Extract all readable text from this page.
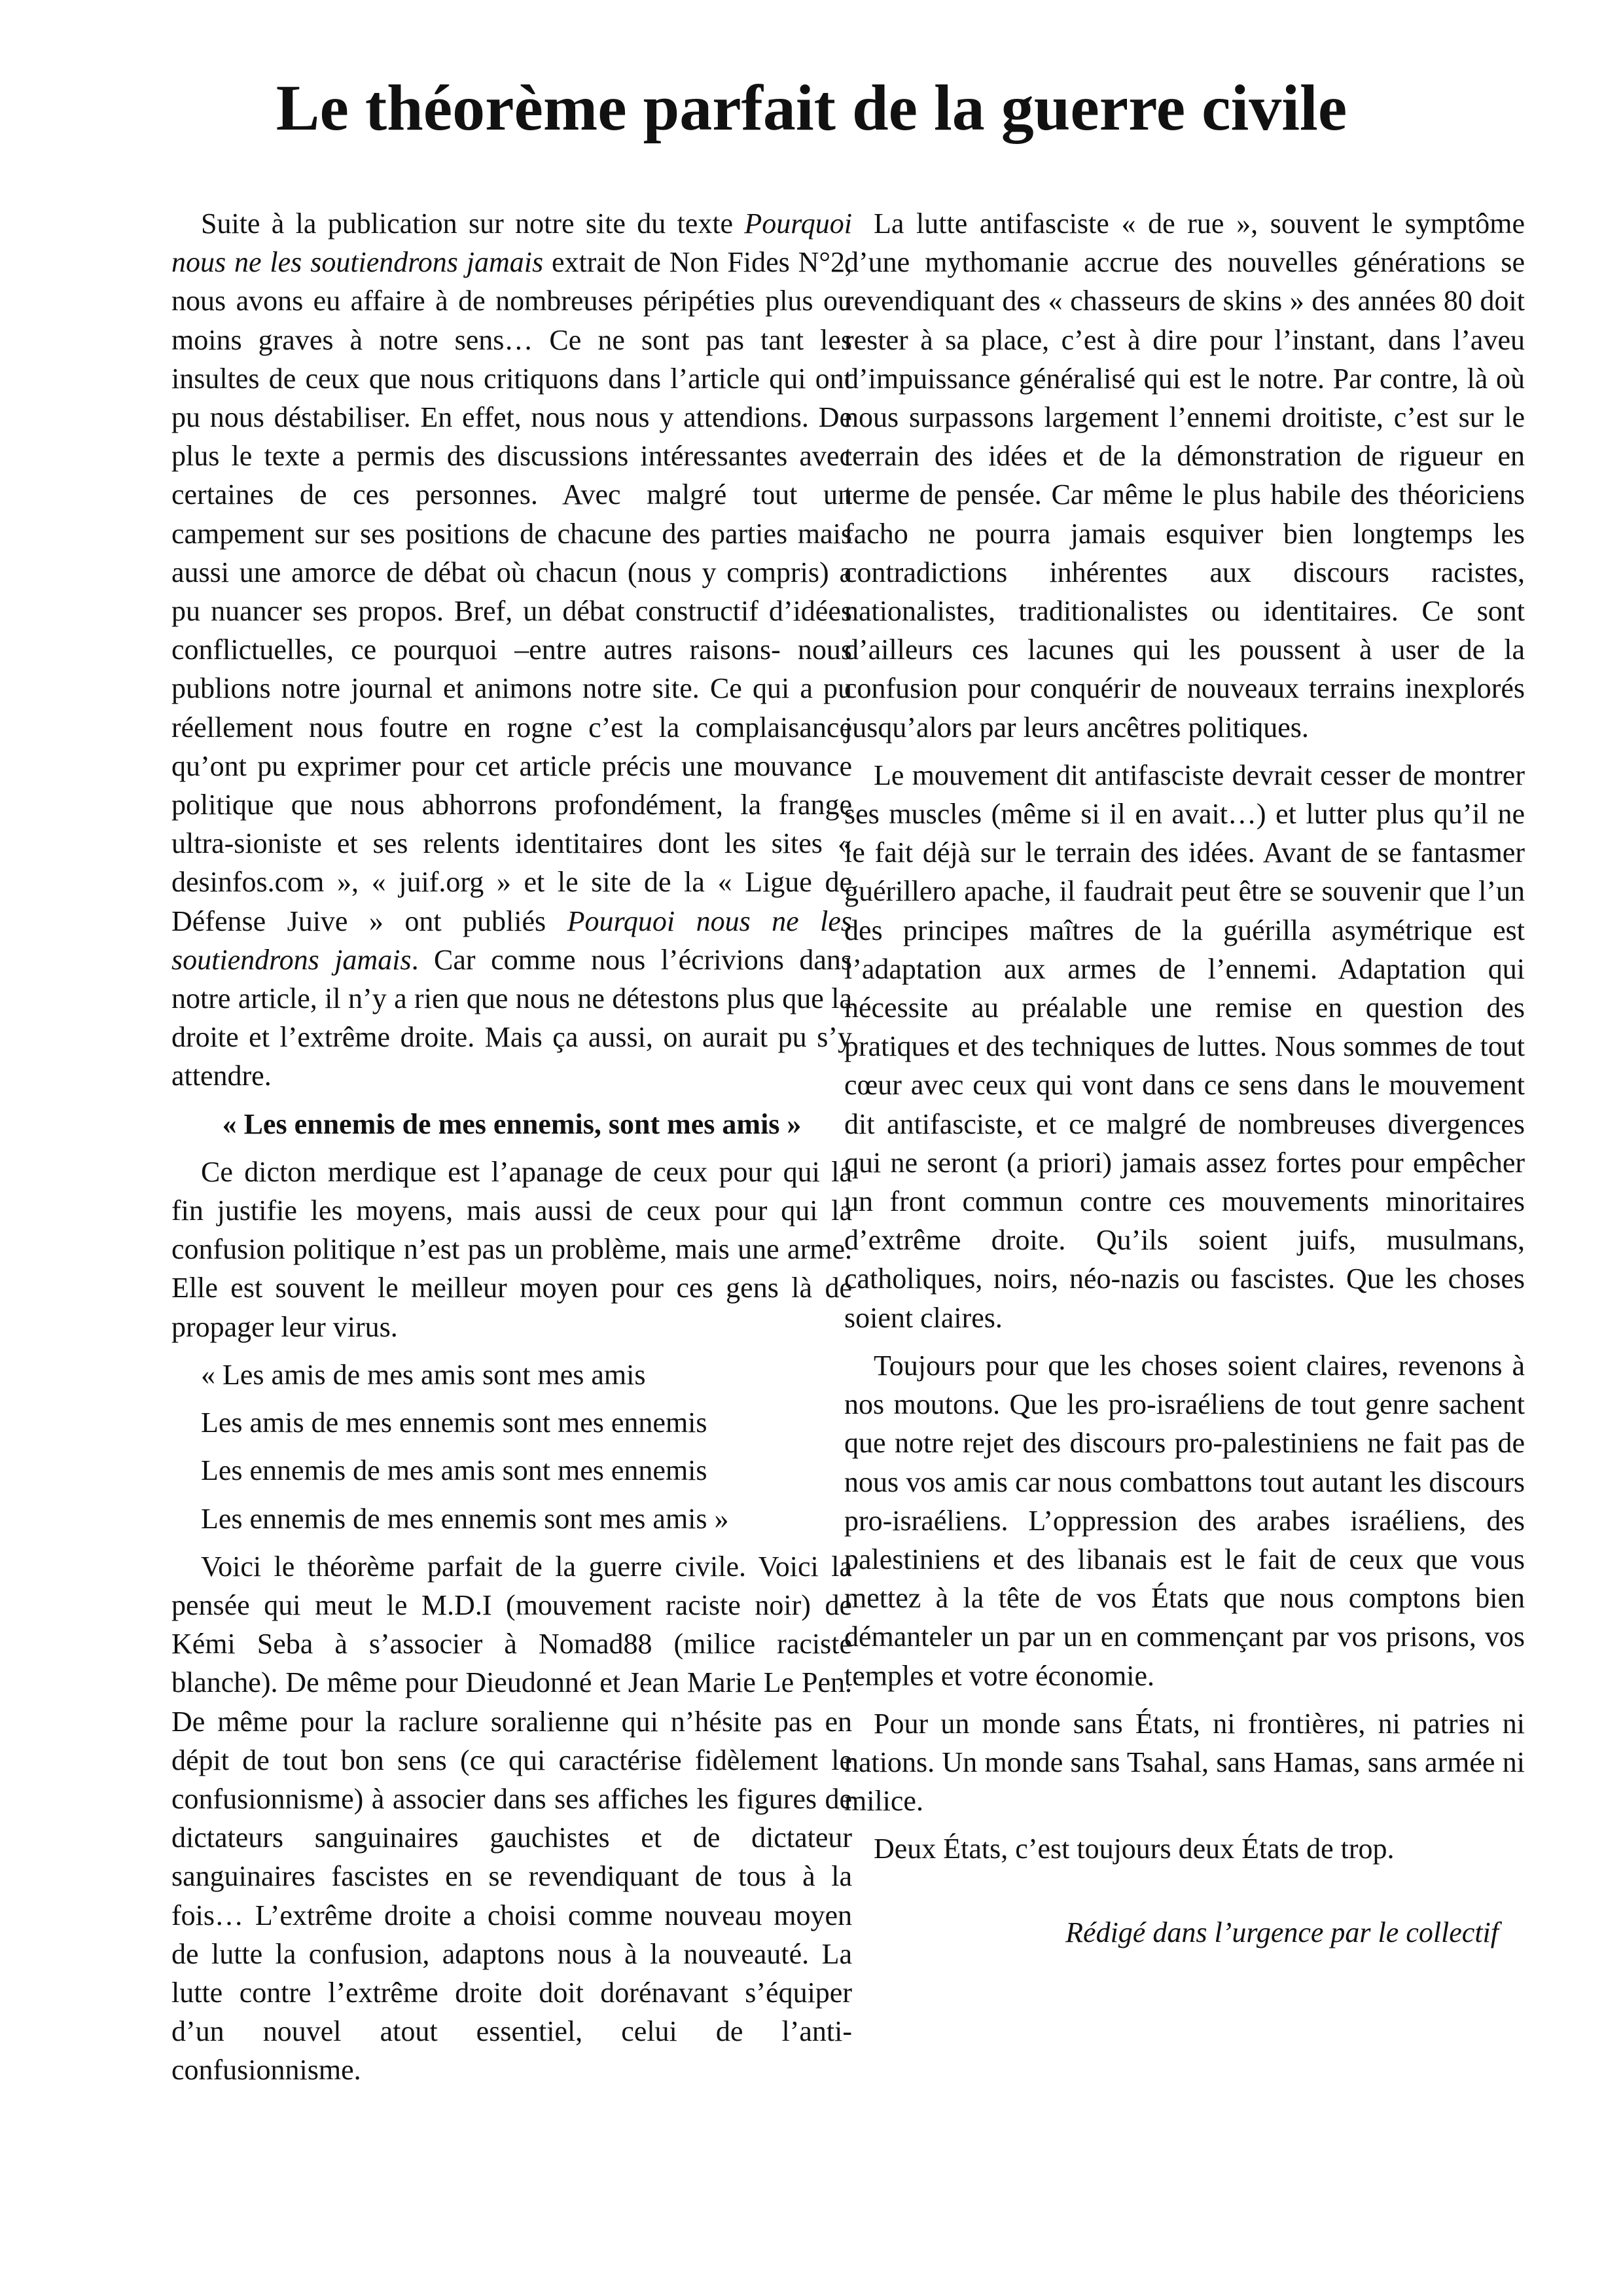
Le théorème parfait de la guerre civile

Suite à la publication sur notre site du texte Pourquoi nous ne les soutiendrons jamais extrait de Non Fides N°2, nous avons eu affaire à de nombreuses péripéties plus ou moins graves à notre sens… Ce ne sont pas tant les insultes de ceux que nous critiquons dans l’article qui ont pu nous déstabiliser. En effet, nous nous y attendions. De plus le texte a permis des discussions intéressantes avec certaines de ces personnes. Avec malgré tout un campement sur ses positions de chacune des parties mais aussi une amorce de débat où chacun (nous y compris) a pu nuancer ses propos. Bref, un débat constructif d’idées conflictuelles, ce pourquoi –entre autres raisons- nous publions notre journal et animons notre site. Ce qui a pu réellement nous foutre en rogne c’est la complaisance qu’ont pu exprimer pour cet article précis une mouvance politique que nous abhorrons profondément, la frange ultra-sioniste et ses relents identitaires dont les sites « desinfos.com », « juif.org » et le site de la « Ligue de Défense Juive » ont publiés Pourquoi nous ne les soutiendrons jamais. Car comme nous l’écrivions dans notre article, il n’y a rien que nous ne détestons plus que la droite et l’extrême droite. Mais ça aussi, on aurait pu s’y attendre.

« Les ennemis de mes ennemis, sont mes amis »

Ce dicton merdique est l’apanage de ceux pour qui la fin justifie les moyens, mais aussi de ceux pour qui la confusion politique n’est pas un problème, mais une arme. Elle est souvent le meilleur moyen pour ces gens là de propager leur virus.

« Les amis de mes amis sont mes amis

Les amis de mes ennemis sont mes ennemis

Les ennemis de mes amis sont mes ennemis

Les ennemis de mes ennemis sont mes amis »

Voici le théorème parfait de la guerre civile. Voici la pensée qui meut le M.D.I (mouvement raciste noir) de Kémi Seba à s’associer à Nomad88 (milice raciste blanche). De même pour Dieudonné et Jean Marie Le Pen. De même pour la raclure soralienne qui n’hésite pas en dépit de tout bon sens (ce qui caractérise fidèlement le confusionnisme) à associer dans ses affiches les figures de dictateurs sanguinaires gauchistes et de dictateur sanguinaires fascistes en se revendiquant de tous à la fois… L’extrême droite a choisi comme nouveau moyen de lutte la confusion, adaptons nous à la nouveauté. La lutte contre l’extrême droite doit dorénavant s’équiper d’un nouvel atout essentiel, celui de l’anti-confusionnisme.

La lutte antifasciste « de rue », souvent le symptôme d’une mythomanie accrue des nouvelles générations se revendiquant des « chasseurs de skins » des années 80 doit rester à sa place, c’est à dire pour l’instant, dans l’aveu d’impuissance généralisé qui est le notre. Par contre, là où nous surpassons largement l’ennemi droitiste, c’est sur le terrain des idées et de la démonstration de rigueur en terme de pensée. Car même le plus habile des théoriciens facho ne pourra jamais esquiver bien longtemps les contradictions inhérentes aux discours racistes, nationalistes, traditionalistes ou identitaires. Ce sont d’ailleurs ces lacunes qui les poussent à user de la confusion pour conquérir de nouveaux terrains inexplorés jusqu’alors par leurs ancêtres politiques.

Le mouvement dit antifasciste devrait cesser de montrer ses muscles (même si il en avait…) et lutter plus qu’il ne le fait déjà sur le terrain des idées. Avant de se fantasmer guérillero apache, il faudrait peut être se souvenir que l’un des principes maîtres de la guérilla asymétrique est l’adaptation aux armes de l’ennemi. Adaptation qui nécessite au préalable une remise en question des pratiques et des techniques de luttes. Nous sommes de tout cœur avec ceux qui vont dans ce sens dans le mouvement dit antifasciste, et ce malgré de nombreuses divergences qui ne seront (a priori) jamais assez fortes pour empêcher un front commun contre ces mouvements minoritaires d’extrême droite. Qu’ils soient juifs, musulmans, catholiques, noirs, néo-nazis ou fascistes. Que les choses soient claires.

Toujours pour que les choses soient claires, revenons à nos moutons. Que les pro-israéliens de tout genre sachent que notre rejet des discours pro-palestiniens ne fait pas de nous vos amis car nous combattons tout autant les discours pro-israéliens. L’oppression des arabes israéliens, des palestiniens et des libanais est le fait de ceux que vous mettez à la tête de vos États que nous comptons bien démanteler un par un en commençant par vos prisons, vos temples et votre économie.

Pour un monde sans États, ni frontières, ni patries ni nations. Un monde sans Tsahal, sans Hamas, sans armée ni milice.

Deux États, c’est toujours deux États de trop.

Rédigé dans l’urgence par le collectif
